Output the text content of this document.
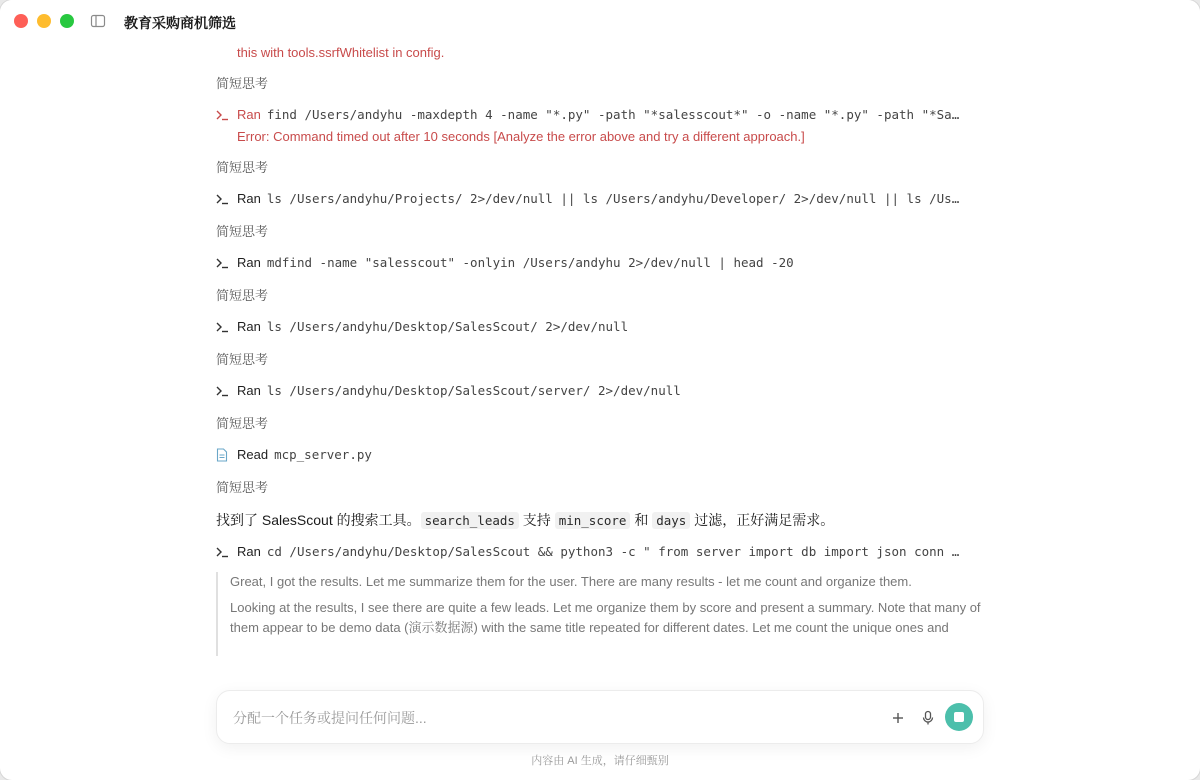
教育采购商机筛选
this with tools.ssrfWhitelist in config.
简短思考
Ran find /Users/andyhu -maxdepth 4 -name "*.py" -path "*salesscout*" -o -name "*.py" -path "*Sa…
Error: Command timed out after 10 seconds [Analyze the error above and try a different approach.]
简短思考
Ran ls /Users/andyhu/Projects/ 2>/dev/null || ls /Users/andyhu/Developer/ 2>/dev/null || ls /Us…
简短思考
Ran mdfind -name "salesscout" -onlyin /Users/andyhu 2>/dev/null | head -20
简短思考
Ran ls /Users/andyhu/Desktop/SalesScout/ 2>/dev/null
简短思考
Ran ls /Users/andyhu/Desktop/SalesScout/server/ 2>/dev/null
简短思考
Read mcp_server.py
简短思考
找到了 SalesScout 的搜索工具。 search_leads 支持 min_score 和 days 过滤，正好满足需求。
Ran cd /Users/andyhu/Desktop/SalesScout && python3 -c " from server import db import json conn …

Great, I got the results. Let me summarize them for the user. There are many results - let me count and organize them.

Looking at the results, I see there are quite a few leads. Let me organize them by score and present a summary. Note that many of them appear to be demo data (演示数据源) with the same title repeated for different dates. Let me count the unique ones and

分配一个任务或提问任何问题...
内容由 AI 生成，请仔细甄别
